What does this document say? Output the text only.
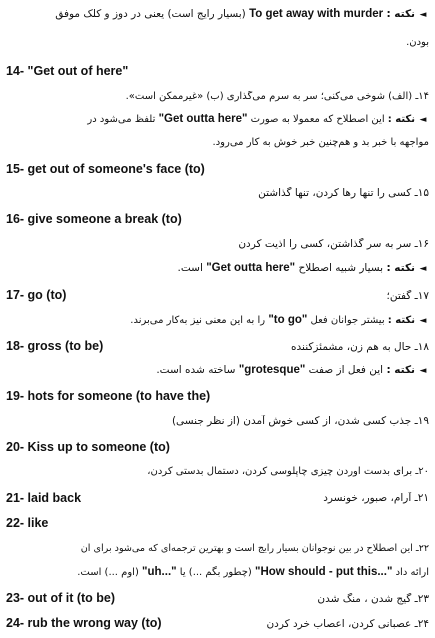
◄نکته : To get away with murder (بسیار رایج است) یعنی در دوز و کلک موفق
بودن.
14- "Get out of here"
۱۴ـ (الف) شوخی می‌کنی؛ سر به سرم می‌گذاری (ب) «غیرممکن است».
◄نکته : این اصطلاح که معمولا به صورت "Get outta here" تلفظ می‌شود در
مواجهه با خبر بد و هم‌چنین خبر خوش به کار می‌رود.
15- get out of someone's face (to)
۱۵ـ کسی را تنها رها کردن، تنها گذاشتن
16- give someone a break (to)
۱۶ـ سر به سر گذاشتن، کسی را اذیت کردن
◄نکته : بسیار شبیه اصطلاح "Get outta here" است.
17- go (to)	۱۷ـ گفتن؛
◄نکته : بیشتر جوانان فعل "to go" را به این معنی نیز به‌کار می‌برند.
18- gross (to be)	۱۸ـ حال به هم زن، مشمئزکننده
◄نکته : این فعل از صفت "grotesque" ساخته شده است.
19- hots for someone (to have the)
۱۹ـ جذب کسی شدن، از کسی خوش آمدن (از نظر جنسی)
20- Kiss up to someone (to)
۲۰ـ برای بدست آوردن چیزی چاپلوسی کردن، دستمال بدستی کردن،
21- laid back	۲۱ـ آرام، صبور، خونسرد
22- like
۲۲ـ این اصطلاح در بین نوجوانان بسیار رایج است و بهترین ترجمه‌ای که می‌شود برای آن
ارائه داد "How should - put this..." (چطور بگم ...) یا "uh..." (اوم ...) است.
23- out of it (to be)	۲۳ـ گیج شدن ، منگ شدن
24- rub the wrong way (to)	۲۴ـ عصبانی کردن، اعصاب خرد کردن
